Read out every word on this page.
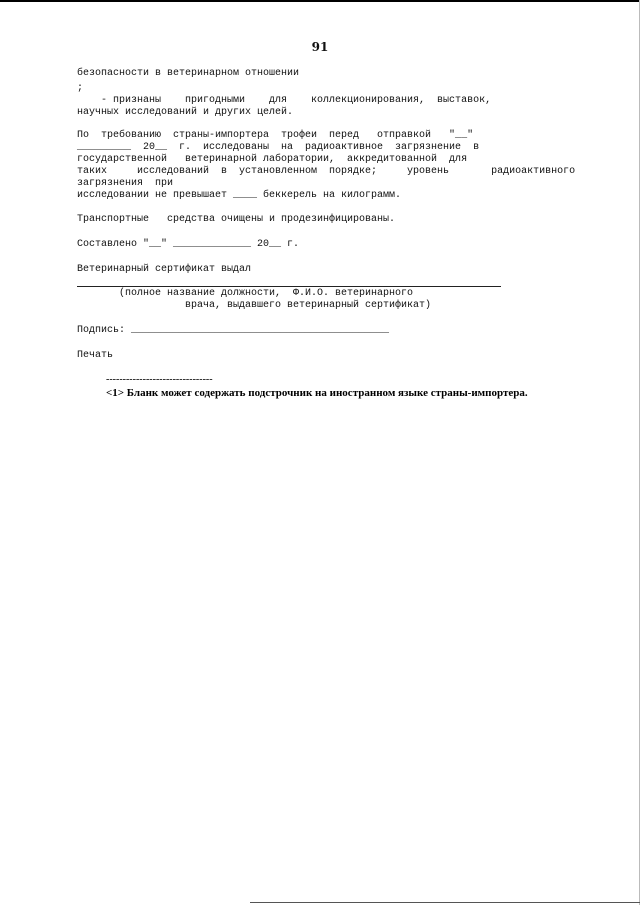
91
безопасности в ветеринарном отношении
;
- признаны    пригодными    для    коллекционирования,  выставок,
научных исследований и других целей.
По  требованию  страны-импортера  трофеи  перед   отправкой   "__"
_________  20__  г.  исследованы  на  радиоактивное  загрязнение  в
государственной   ветеринарной лаборатории,  аккредитованной  для
таких     исследований  в  установленном  порядке;     уровень       радиоактивного
загрязнения  при
исследовании не превышает ____ беккерель на килограмм.
Транспортные   средства очищены и продезинфицированы.
Составлено "__" _____________ 20__ г.
Ветеринарный сертификат выдал
(полное название должности,  Ф.И.О. ветеринарного
врача, выдавшего ветеринарный сертификат)
Подпись: ___________________________________________
Печать
--------------------------------
<1> Бланк может содержать подстрочник на иностранном языке страны-импортера.
